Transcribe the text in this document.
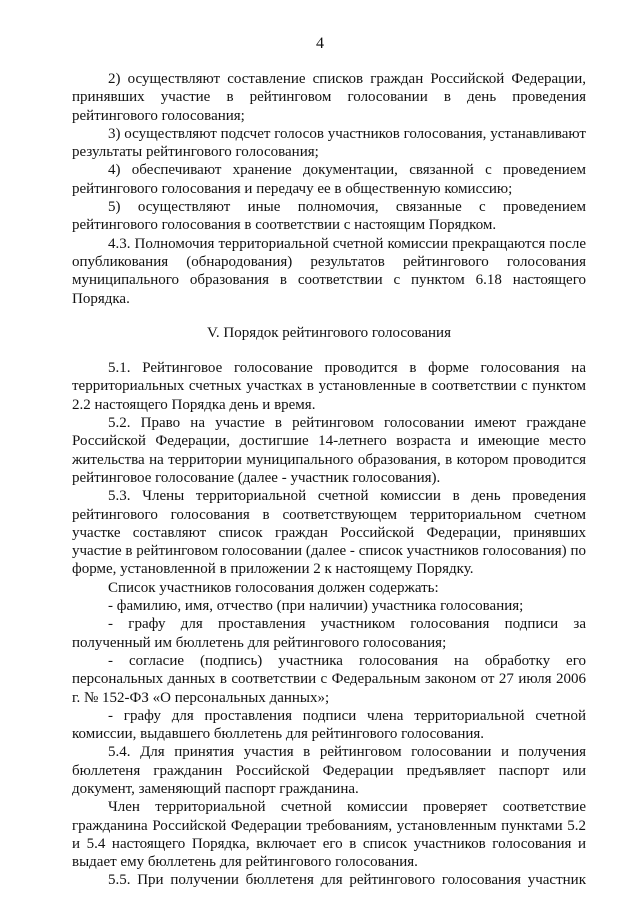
4

2) осуществляют составление списков граждан Российской Федерации, принявших участие в рейтинговом голосовании в день проведения рейтингового голосования;

3) осуществляют подсчет голосов участников голосования, устанавливают результаты рейтингового голосования;

4) обеспечивают хранение документации, связанной с проведением рейтингового голосования и передачу ее в общественную комиссию;

5) осуществляют иные полномочия, связанные с проведением рейтингового голосования в соответствии с настоящим Порядком.

4.3. Полномочия территориальной счетной комиссии прекращаются после опубликования (обнародования) результатов рейтингового голосования муниципального образования в соответствии с пунктом 6.18 настоящего Порядка.

V. Порядок рейтингового голосования

5.1. Рейтинговое голосование проводится в форме голосования на территориальных счетных участках в установленные в соответствии с пунктом 2.2 настоящего Порядка день и время.

5.2. Право на участие в рейтинговом голосовании имеют граждане Российской Федерации, достигшие 14-летнего возраста и имеющие место жительства на территории муниципального образования, в котором проводится рейтинговое голосование (далее - участник голосования).

5.3. Члены территориальной счетной комиссии в день проведения рейтингового голосования в соответствующем территориальном счетном участке составляют список граждан Российской Федерации, принявших участие в рейтинговом голосовании (далее - список участников голосования) по форме, установленной в приложении 2 к настоящему Порядку.

Список участников голосования должен содержать:

- фамилию, имя, отчество (при наличии) участника голосования;

- графу для проставления участником голосования подписи за полученный им бюллетень для рейтингового голосования;

- согласие (подпись) участника голосования на обработку его персональных данных в соответствии с Федеральным законом от 27 июля 2006 г. № 152-ФЗ «О персональных данных»;

- графу для проставления подписи члена территориальной счетной комиссии, выдавшего бюллетень для рейтингового голосования.

5.4. Для принятия участия в рейтинговом голосовании и получения бюллетеня гражданин Российской Федерации предъявляет паспорт или документ, заменяющий паспорт гражданина.

Член территориальной счетной комиссии проверяет соответствие гражданина Российской Федерации требованиям, установленным пунктами 5.2 и 5.4 настоящего Порядка, включает его в список участников голосования и выдает ему бюллетень для рейтингового голосования.

5.5. При получении бюллетеня для рейтингового голосования участник
